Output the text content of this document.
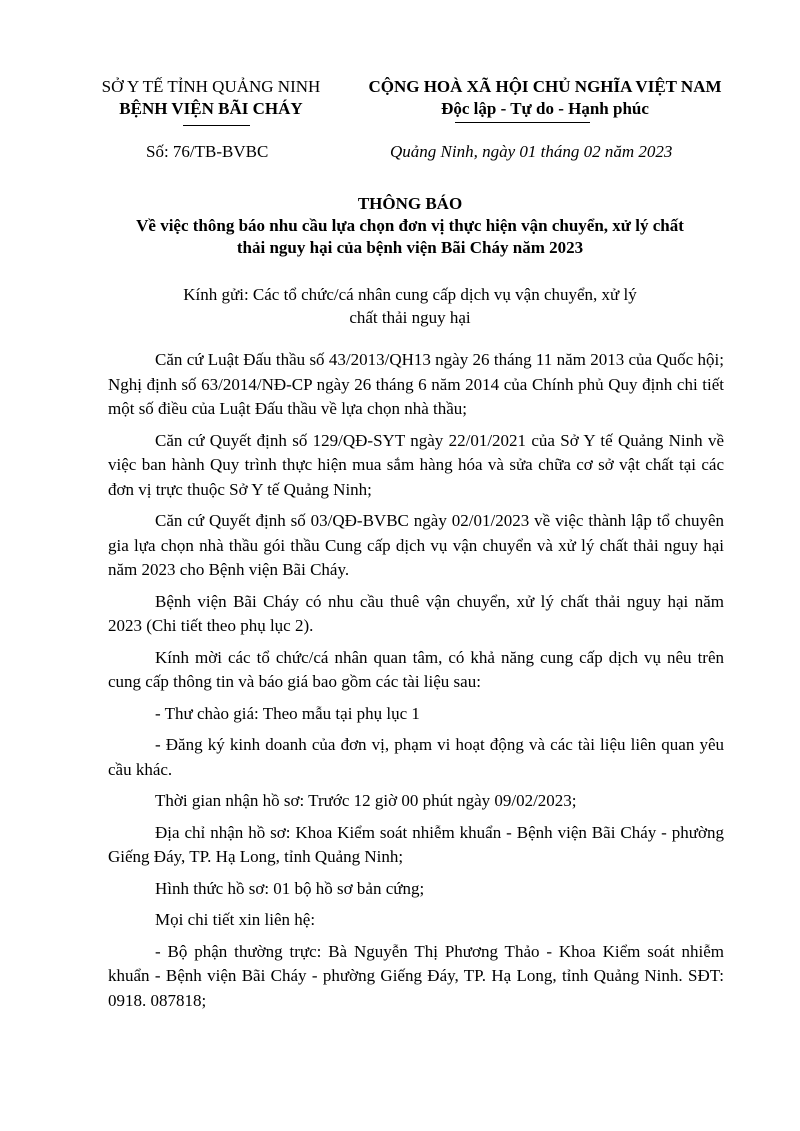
SỞ Y TẾ TỈNH QUẢNG NINH
BỆNH VIỆN BÃI CHÁY
CỘNG HOÀ XÃ HỘI CHỦ NGHĨA VIỆT NAM
Độc lập - Tự do - Hạnh phúc
Số: 76/TB-BVBC	Quảng Ninh, ngày 01 tháng 02 năm 2023
THÔNG BÁO
Về việc thông báo nhu cầu lựa chọn đơn vị thực hiện vận chuyển, xử lý chất
thải nguy hại của bệnh viện Bãi Cháy năm 2023
Kính gửi: Các tổ chức/cá nhân cung cấp dịch vụ vận chuyển, xử lý
chất thải nguy hại

Căn cứ Luật Đấu thầu số 43/2013/QH13 ngày 26 tháng 11 năm 2013 của Quốc hội; Nghị định số 63/2014/NĐ-CP ngày 26 tháng 6 năm 2014 của Chính phủ Quy định chi tiết một số điều của Luật Đấu thầu về lựa chọn nhà thầu;

Căn cứ Quyết định số 129/QĐ-SYT ngày 22/01/2021 của Sở Y tế Quảng Ninh về việc ban hành Quy trình thực hiện mua sắm hàng hóa và sửa chữa cơ sở vật chất tại các đơn vị trực thuộc Sở Y tế Quảng Ninh;

Căn cứ Quyết định số 03/QĐ-BVBC ngày 02/01/2023 về việc thành lập tổ chuyên gia lựa chọn nhà thầu gói thầu Cung cấp dịch vụ vận chuyển và xử lý chất thải nguy hại năm 2023 cho Bệnh viện Bãi Cháy.

Bệnh viện Bãi Cháy có nhu cầu thuê vận chuyển, xử lý chất thải nguy hại năm 2023 (Chi tiết theo phụ lục 2).

Kính mời các tổ chức/cá nhân quan tâm, có khả năng cung cấp dịch vụ nêu trên cung cấp thông tin và báo giá bao gồm các tài liệu sau:

- Thư chào giá: Theo mẫu tại phụ lục 1

- Đăng ký kinh doanh của đơn vị, phạm vi hoạt động và các tài liệu liên quan yêu cầu khác.

Thời gian nhận hồ sơ: Trước 12 giờ 00 phút ngày 09/02/2023;

Địa chỉ nhận hồ sơ: Khoa Kiểm soát nhiễm khuẩn - Bệnh viện Bãi Cháy - phường Giếng Đáy, TP. Hạ Long, tỉnh Quảng Ninh;

Hình thức hồ sơ: 01 bộ hồ sơ bản cứng;

Mọi chi tiết xin liên hệ:

- Bộ phận thường trực: Bà Nguyễn Thị Phương Thảo - Khoa Kiểm soát nhiễm khuẩn - Bệnh viện Bãi Cháy - phường Giếng Đáy, TP. Hạ Long, tỉnh Quảng Ninh. SĐT: 0918. 087818;
